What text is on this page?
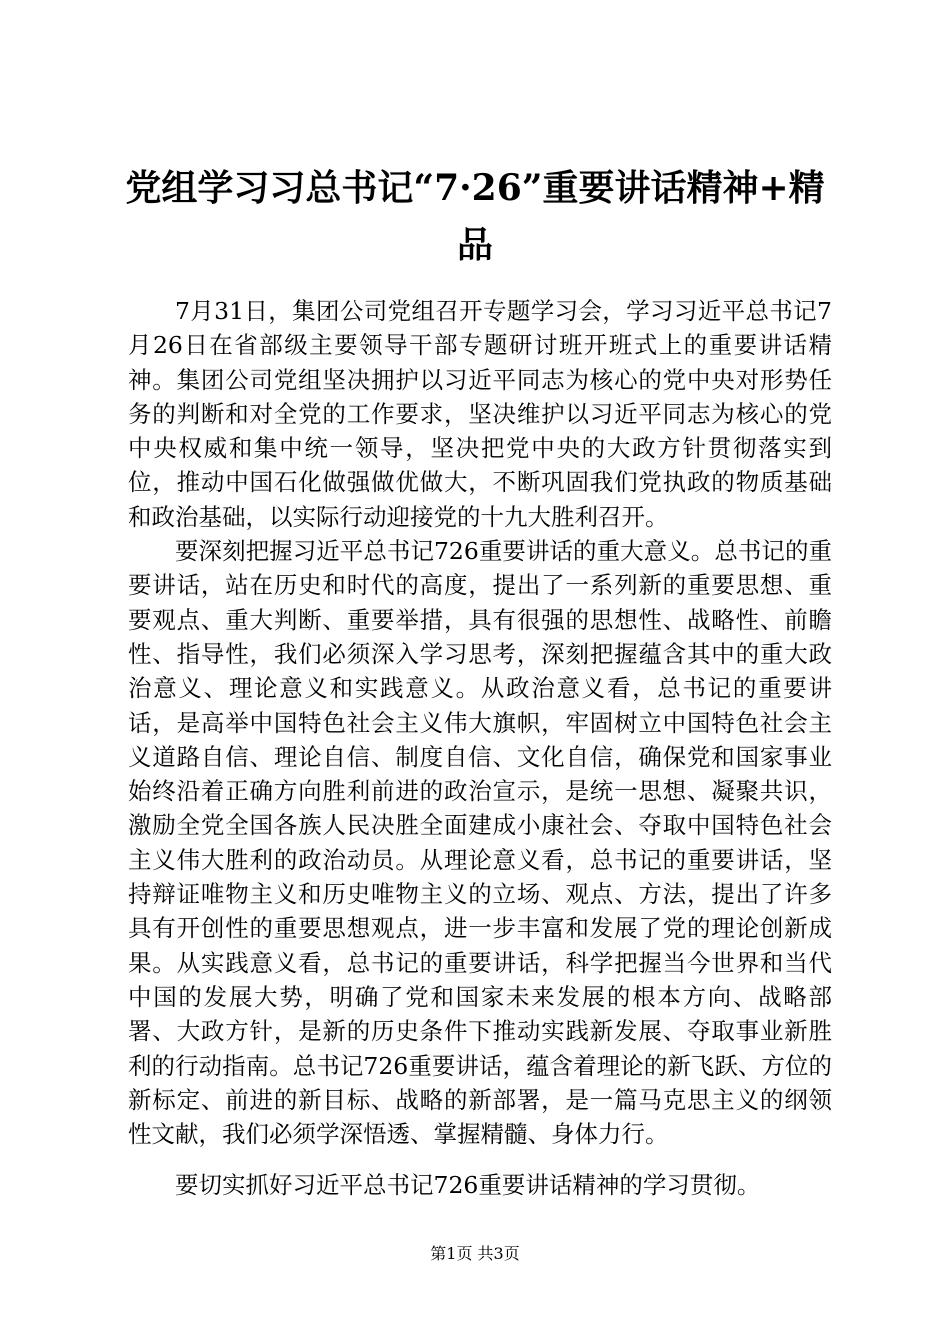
党组学习习总书记“7·26”重要讲话精神+精品

7月31日，集团公司党组召开专题学习会，学习习近平总书记7月26日在省部级主要领导干部专题研讨班开班式上的重要讲话精神。集团公司党组坚决拥护以习近平同志为核心的党中央对形势任务的判断和对全党的工作要求，坚决维护以习近平同志为核心的党中央权威和集中统一领导，坚决把党中央的大政方针贯彻落实到位，推动中国石化做强做优做大，不断巩固我们党执政的物质基础和政治基础，以实际行动迎接党的十九大胜利召开。

要深刻把握习近平总书记726重要讲话的重大意义。总书记的重要讲话，站在历史和时代的高度，提出了一系列新的重要思想、重要观点、重大判断、重要举措，具有很强的思想性、战略性、前瞻性、指导性，我们必须深入学习思考，深刻把握蕴含其中的重大政治意义、理论意义和实践意义。从政治意义看，总书记的重要讲话，是高举中国特色社会主义伟大旗帜，牢固树立中国特色社会主义道路自信、理论自信、制度自信、文化自信，确保党和国家事业始终沿着正确方向胜利前进的政治宣示，是统一思想、凝聚共识，激励全党全国各族人民决胜全面建成小康社会、夺取中国特色社会主义伟大胜利的政治动员。从理论意义看，总书记的重要讲话，坚持辩证唯物主义和历史唯物主义的立场、观点、方法，提出了许多具有开创性的重要思想观点，进一步丰富和发展了党的理论创新成果。从实践意义看，总书记的重要讲话，科学把握当今世界和当代中国的发展大势，明确了党和国家未来发展的根本方向、战略部署、大政方针，是新的历史条件下推动实践新发展、夺取事业新胜利的行动指南。总书记726重要讲话，蕴含着理论的新飞跃、方位的新标定、前进的新目标、战略的新部署，是一篇马克思主义的纲领性文献，我们必须学深悟透、掌握精髓、身体力行。

要切实抓好习近平总书记726重要讲话精神的学习贯彻。

第1页 共3页
